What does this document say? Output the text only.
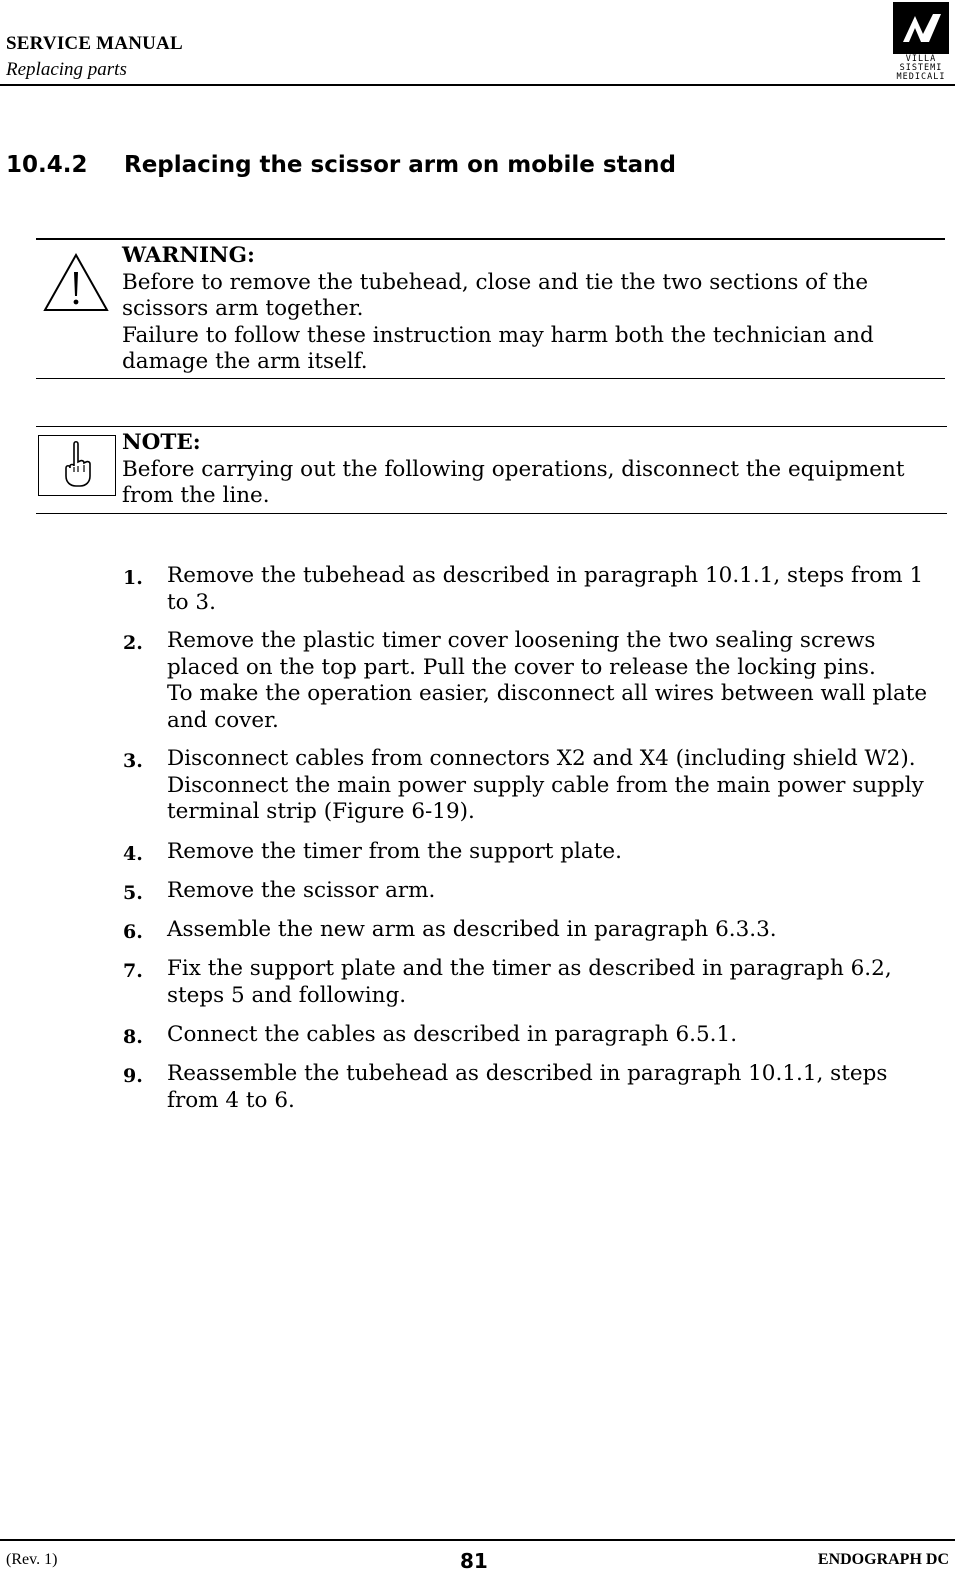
SERVICE MANUAL
Replacing parts	VILLA
SISTEMI
MEDICALI
10.4.2 Replacing the scissor arm on mobile stand
WARNING:
Before to remove the tubehead, close and tie the two sections of the
scissors arm together.
Failure to follow these instruction may harm both the technician and
damage the arm itself.
NOTE:
Before carrying out the following operations, disconnect the equipment
from the line.
1.	Remove the tubehead as described in paragraph 10.1.1, steps from 1
to 3.
2.	Remove the plastic timer cover loosening the two sealing screws
placed on the top part. Pull the cover to release the locking pins.
To make the operation easier, disconnect all wires between wall plate
and cover.
3.	Disconnect cables from connectors X2 and X4 (including shield W2).
Disconnect the main power supply cable from the main power supply
terminal strip (Figure 6-19).
4.	Remove the timer from the support plate.
5.	Remove the scissor arm.
6.	Assemble the new arm as described in paragraph 6.3.3.
7.	Fix the support plate and the timer as described in paragraph 6.2,
steps 5 and following.
8.	Connect the cables as described in paragraph 6.5.1.
9.	Reassemble the tubehead as described in paragraph 10.1.1, steps
from 4 to 6.
(Rev. 1)	81	ENDOGRAPH DC
